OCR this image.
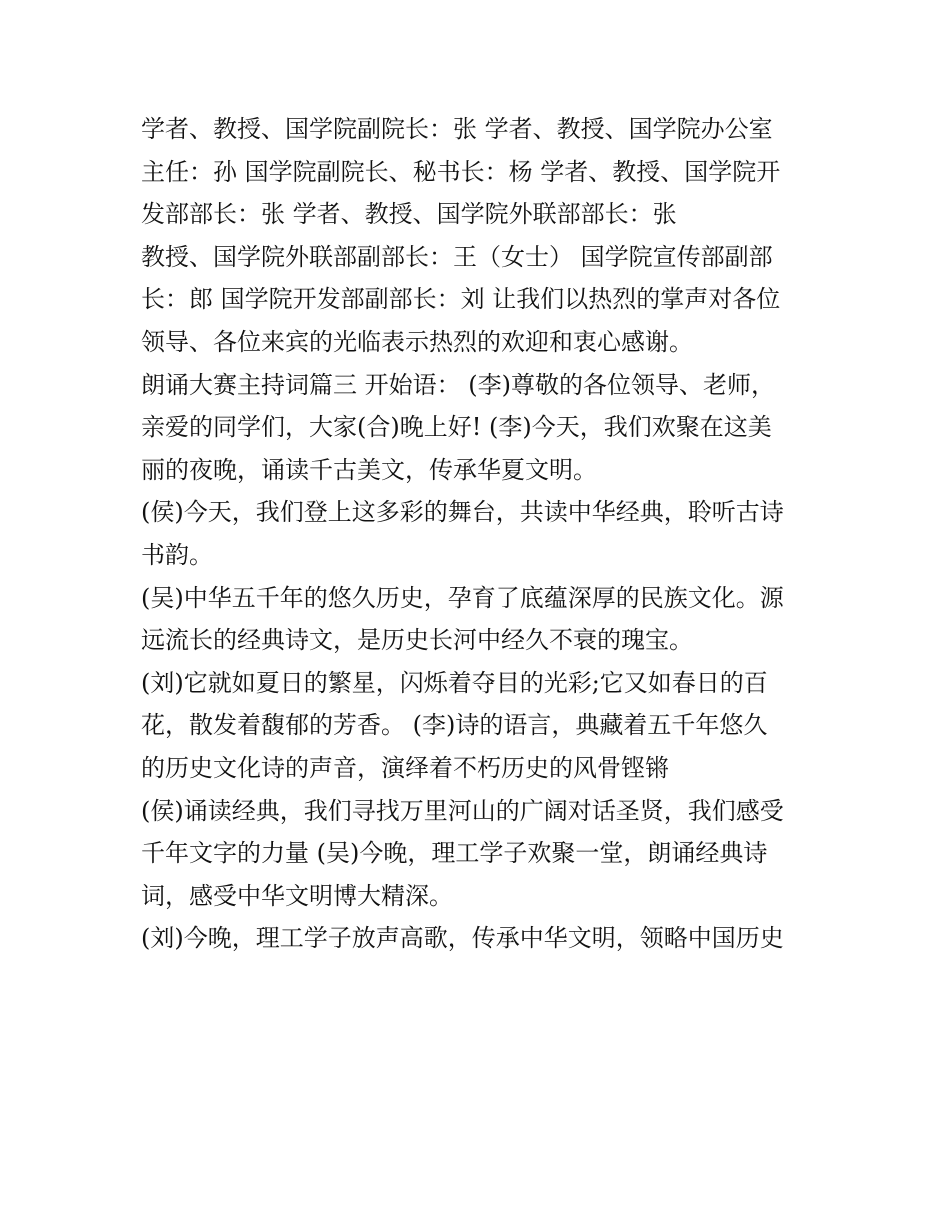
学者、教授、国学院副院长：张 学者、教授、国学院办公室
主任：孙 国学院副院长、秘书长：杨 学者、教授、国学院开
发部部长：张 学者、教授、国学院外联部部长：张
教授、国学院外联部副部长：王（女士） 国学院宣传部副部
长：郎 国学院开发部副部长：刘 让我们以热烈的掌声对各位
领导、各位来宾的光临表示热烈的欢迎和衷心感谢。
朗诵大赛主持词篇三 开始语： (李)尊敬的各位领导、老师，
亲爱的同学们，大家(合)晚上好! (李)今天，我们欢聚在这美
丽的夜晚，诵读千古美文，传承华夏文明。
(侯)今天，我们登上这多彩的舞台，共读中华经典，聆听古诗
书韵。
(吴)中华五千年的悠久历史，孕育了底蕴深厚的民族文化。源
远流长的经典诗文，是历史长河中经久不衰的瑰宝。
(刘)它就如夏日的繁星，闪烁着夺目的光彩;它又如春日的百
花，散发着馥郁的芳香。 (李)诗的语言，典藏着五千年悠久
的历史文化诗的声音，演绎着不朽历史的风骨铿锵
(侯)诵读经典，我们寻找万里河山的广阔对话圣贤，我们感受
千年文字的力量 (吴)今晚，理工学子欢聚一堂，朗诵经典诗
词，感受中华文明博大精深。
(刘)今晚，理工学子放声高歌，传承中华文明，领略中国历史
